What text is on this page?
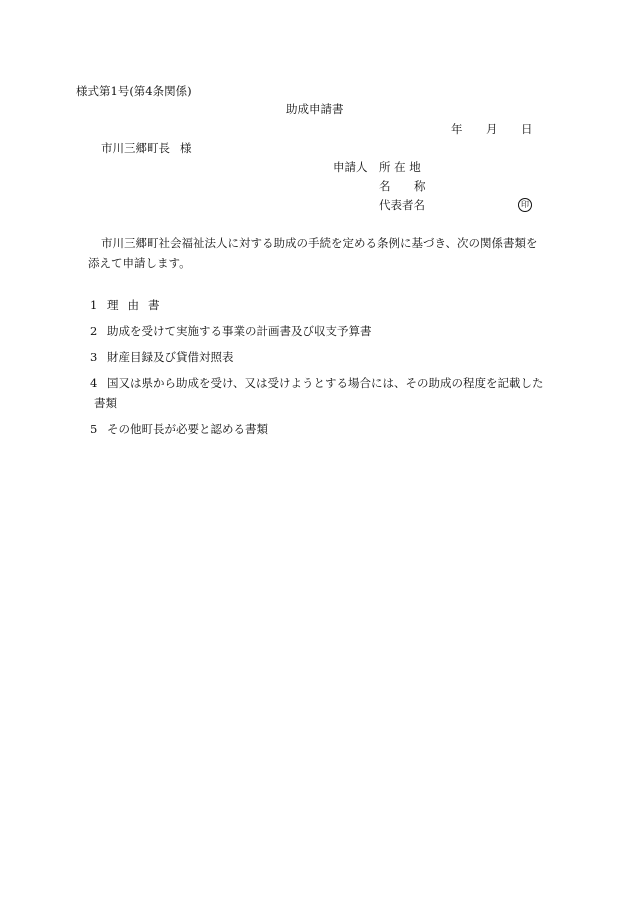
様式第1号(第4条関係)
助成申請書
年 月 日
市川三郷町長 様
申請人 所 在 地
名 称
代表者名	印
市川三郷町社会福祉法人に対する助成の手続を定める条例に基づき、次の関係書類を
添えて申請します。
1 理由書
2 助成を受けて実施する事業の計画書及び収支予算書
3 財産目録及び貸借対照表
4 国又は県から助成を受け、又は受けようとする場合には、その助成の程度を記載した
書類
5 その他町長が必要と認める書類
